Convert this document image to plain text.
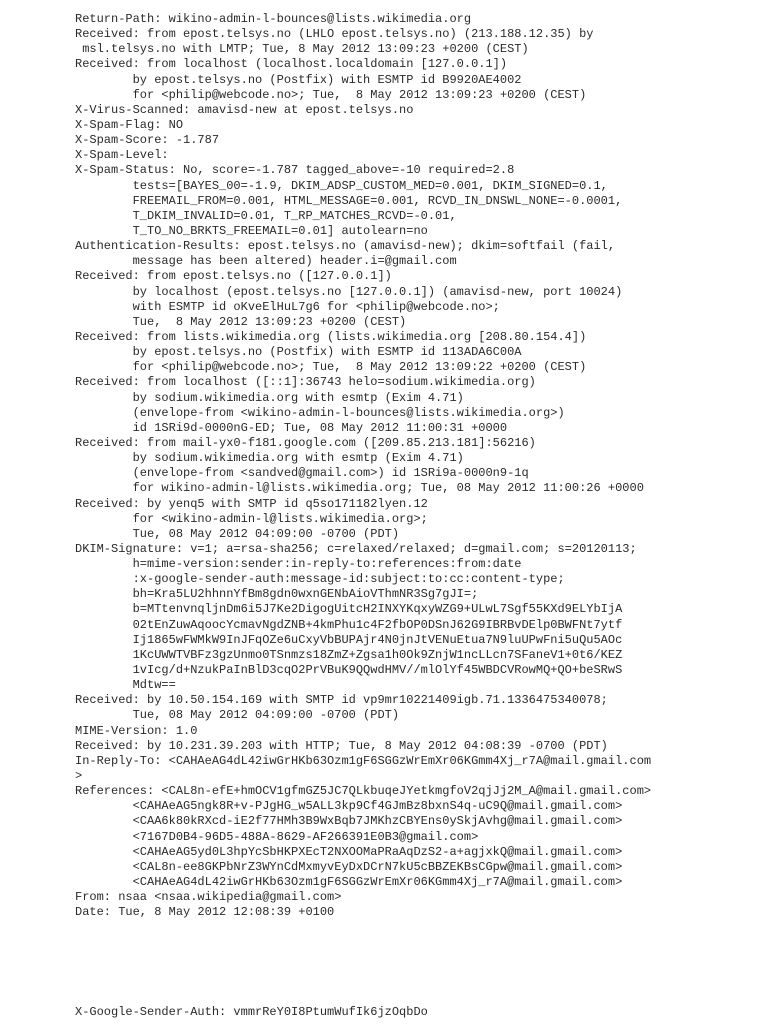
Return-Path: wikino-admin-l-bounces@lists.wikimedia.org
Received: from epost.telsys.no (LHLO epost.telsys.no) (213.188.12.35) by
msl.telsys.no with LMTP; Tue, 8 May 2012 13:09:23 +0200 (CEST)
Received: from localhost (localhost.localdomain [127.0.0.1])
by epost.telsys.no (Postfix) with ESMTP id B9920AE4002
for <philip@webcode.no>; Tue,  8 May 2012 13:09:23 +0200 (CEST)
X-Virus-Scanned: amavisd-new at epost.telsys.no
X-Spam-Flag: NO
X-Spam-Score: -1.787
X-Spam-Level:
X-Spam-Status: No, score=-1.787 tagged_above=-10 required=2.8
tests=[BAYES_00=-1.9, DKIM_ADSP_CUSTOM_MED=0.001, DKIM_SIGNED=0.1,
FREEMAIL_FROM=0.001, HTML_MESSAGE=0.001, RCVD_IN_DNSWL_NONE=-0.0001,
T_DKIM_INVALID=0.01, T_RP_MATCHES_RCVD=-0.01,
T_TO_NO_BRKTS_FREEMAIL=0.01] autolearn=no
Authentication-Results: epost.telsys.no (amavisd-new); dkim=softfail (fail,
message has been altered) header.i=@gmail.com
Received: from epost.telsys.no ([127.0.0.1])
by localhost (epost.telsys.no [127.0.0.1]) (amavisd-new, port 10024)
with ESMTP id oKveElHuL7g6 for <philip@webcode.no>;
Tue,  8 May 2012 13:09:23 +0200 (CEST)
Received: from lists.wikimedia.org (lists.wikimedia.org [208.80.154.4])
by epost.telsys.no (Postfix) with ESMTP id 113ADA6C00A
for <philip@webcode.no>; Tue,  8 May 2012 13:09:22 +0200 (CEST)
Received: from localhost ([::1]:36743 helo=sodium.wikimedia.org)
by sodium.wikimedia.org with esmtp (Exim 4.71)
(envelope-from <wikino-admin-l-bounces@lists.wikimedia.org>)
id 1SRi9d-0000nG-ED; Tue, 08 May 2012 11:00:31 +0000
Received: from mail-yx0-f181.google.com ([209.85.213.181]:56216)
by sodium.wikimedia.org with esmtp (Exim 4.71)
(envelope-from <sandved@gmail.com>) id 1SRi9a-0000n9-1q
for wikino-admin-l@lists.wikimedia.org; Tue, 08 May 2012 11:00:26 +0000
Received: by yenq5 with SMTP id q5so171182lyen.12
for <wikino-admin-l@lists.wikimedia.org>;
Tue, 08 May 2012 04:09:00 -0700 (PDT)
DKIM-Signature: v=1; a=rsa-sha256; c=relaxed/relaxed; d=gmail.com; s=20120113;
h=mime-version:sender:in-reply-to:references:from:date
:x-google-sender-auth:message-id:subject:to:cc:content-type;
bh=Kra5LU2hhnnYfBm8gdn0wxnGENbAioVThmNR3Sg7gJI=;
b=MTtenvnqljnDm6i5J7Ke2DigogUitcH2INXYKqxyWZG9+ULwL7Sgf55KXd9ELYbIjA
02tEnZuwAqoocYcmavNgdZNB+4kmPhu1c4F2fbOP0DSnJ62G9IBRBvDElp0BWFNt7ytf
Ij1865wFWMkW9InJFqOZe6uCxyVbBUPAjr4N0jnJtVENuEtua7N9luUPwFni5uQu5AOc
1KcUWWTVBFz3gzUnmo0TSnmzs18ZmZ+Zgsa1h0Ok9ZnjW1ncLLcn7SFaneV1+0t6/KEZ
1vIcg/d+NzukPaInBlD3cqO2PrVBuK9QQwdHMV//mlOlYf45WBDCVRowMQ+QO+beSRwS
Mdtw==
Received: by 10.50.154.169 with SMTP id vp9mr10221409igb.71.1336475340078;
Tue, 08 May 2012 04:09:00 -0700 (PDT)
MIME-Version: 1.0
Received: by 10.231.39.203 with HTTP; Tue, 8 May 2012 04:08:39 -0700 (PDT)
In-Reply-To: <CAHAeAG4dL42iwGrHKb63Ozm1gF6SGGzWrEmXr06KGmm4Xj_r7A@mail.gmail.com
>
References: <CAL8n-efE+hmOCV1gfmGZ5JC7QLkbuqeJYetkmgfoV2qjJj2M_A@mail.gmail.com>
<CAHAeAG5ngk8R+v-PJgHG_w5ALL3kp9Cf4GJmBz8bxnS4q-uC9Q@mail.gmail.com>
<CAA6k80kRXcd-iE2f77HMh3B9WxBqb7JMKhzCBYEns0ySkjAvhg@mail.gmail.com>
<7167D0B4-96D5-488A-8629-AF266391E0B3@gmail.com>
<CAHAeAG5yd0L3hpYcSbHKPXEcT2NXOOMaPRaAqDzS2-a+agjxkQ@mail.gmail.com>
<CAL8n-ee8GKPbNrZ3WYnCdMxmyvEyDxDCrN7kU5cBBZEKBsCGpw@mail.gmail.com>
<CAHAeAG4dL42iwGrHKb63Ozm1gF6SGGzWrEmXr06KGmm4Xj_r7A@mail.gmail.com>
From: nsaa <nsaa.wikipedia@gmail.com>
Date: Tue, 8 May 2012 12:08:39 +0100
X-Google-Sender-Auth: vmmrReY0I8PtumWufIk6jzOqbDo
